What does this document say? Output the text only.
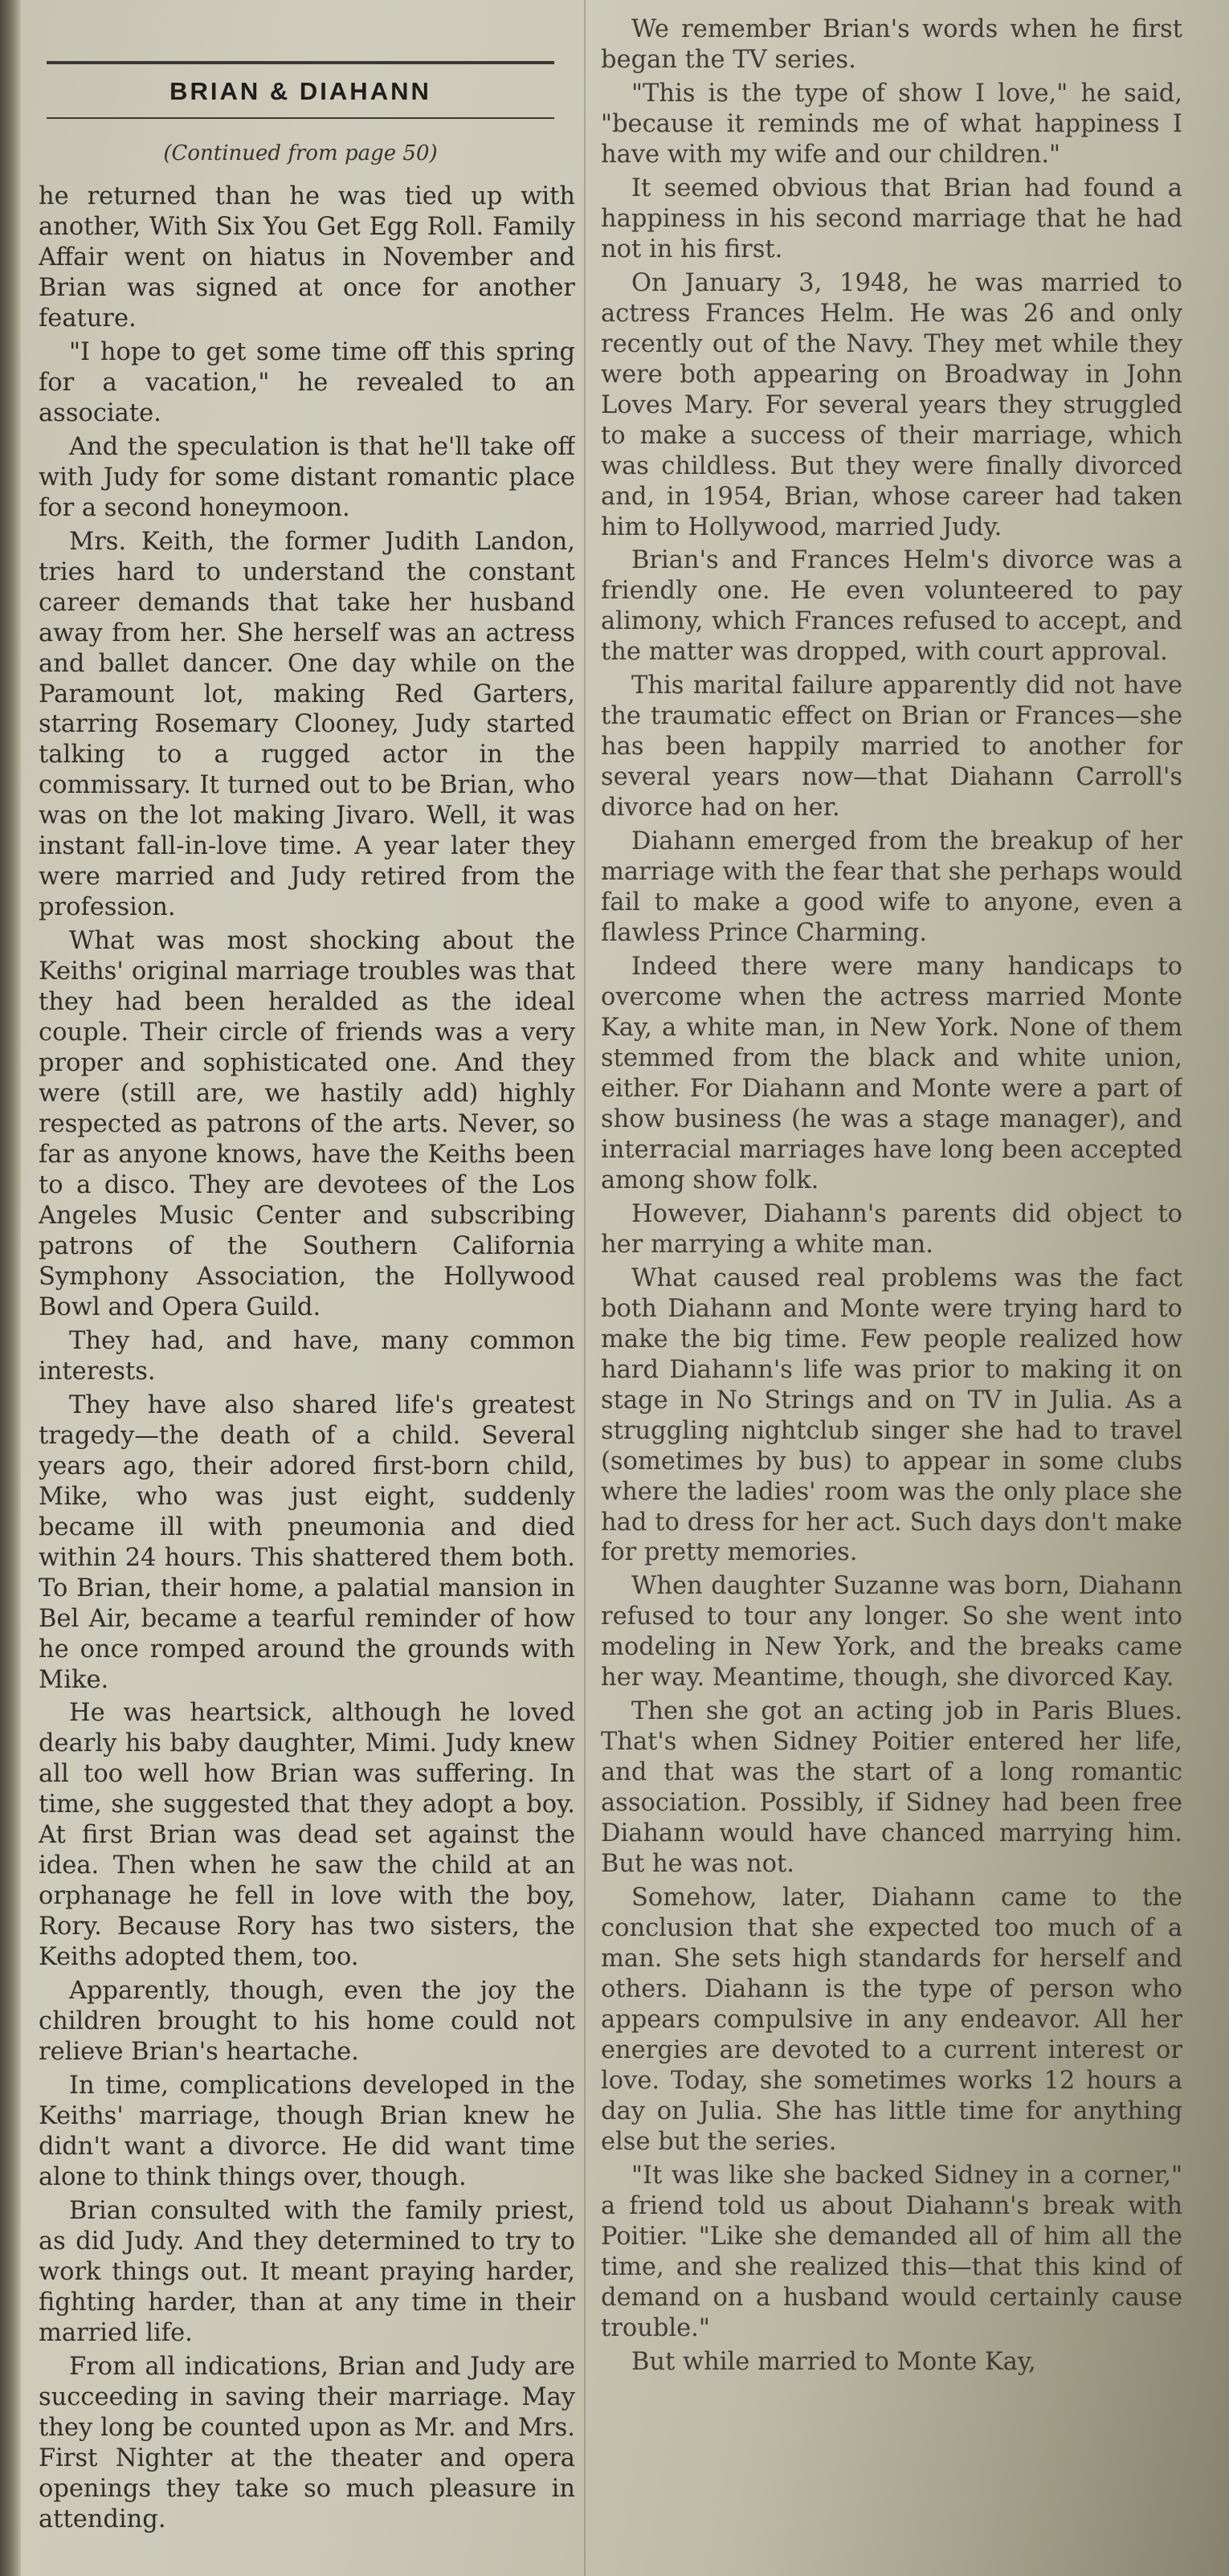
BRIAN & DIAHANN
(Continued from page 50)

he returned than he was tied up with another, With Six You Get Egg Roll. Family Affair went on hiatus in November and Brian was signed at once for another feature.

"I hope to get some time off this spring for a vacation," he revealed to an associate.

And the speculation is that he'll take off with Judy for some distant romantic place for a second honeymoon.

Mrs. Keith, the former Judith Landon, tries hard to understand the constant career demands that take her husband away from her. She herself was an actress and ballet dancer. One day while on the Paramount lot, making Red Garters, starring Rosemary Clooney, Judy started talking to a rugged actor in the commissary. It turned out to be Brian, who was on the lot making Jivaro. Well, it was instant fall-in-love time. A year later they were married and Judy retired from the profession.

What was most shocking about the Keiths' original marriage troubles was that they had been heralded as the ideal couple. Their circle of friends was a very proper and sophisticated one. And they were (still are, we hastily add) highly respected as patrons of the arts. Never, so far as anyone knows, have the Keiths been to a disco. They are devotees of the Los Angeles Music Center and subscribing patrons of the Southern California Symphony Association, the Hollywood Bowl and Opera Guild.

They had, and have, many common interests.

They have also shared life's greatest tragedy—the death of a child. Several years ago, their adored first-born child, Mike, who was just eight, suddenly became ill with pneumonia and died within 24 hours. This shattered them both. To Brian, their home, a palatial mansion in Bel Air, became a tearful reminder of how he once romped around the grounds with Mike.

He was heartsick, although he loved dearly his baby daughter, Mimi. Judy knew all too well how Brian was suffering. In time, she suggested that they adopt a boy. At first Brian was dead set against the idea. Then when he saw the child at an orphanage he fell in love with the boy, Rory. Because Rory has two sisters, the Keiths adopted them, too.

Apparently, though, even the joy the children brought to his home could not relieve Brian's heartache.

In time, complications developed in the Keiths' marriage, though Brian knew he didn't want a divorce. He did want time alone to think things over, though.

Brian consulted with the family priest, as did Judy. And they determined to try to work things out. It meant praying harder, fighting harder, than at any time in their married life.

From all indications, Brian and Judy are succeeding in saving their marriage. May they long be counted upon as Mr. and Mrs. First Nighter at the theater and opera openings they take so much pleasure in attending.

We remember Brian's words when he first began the TV series.

"This is the type of show I love," he said, "because it reminds me of what happiness I have with my wife and our children."

It seemed obvious that Brian had found a happiness in his second marriage that he had not in his first.

On January 3, 1948, he was married to actress Frances Helm. He was 26 and only recently out of the Navy. They met while they were both appearing on Broadway in John Loves Mary. For several years they struggled to make a success of their marriage, which was childless. But they were finally divorced and, in 1954, Brian, whose career had taken him to Hollywood, married Judy.

Brian's and Frances Helm's divorce was a friendly one. He even volunteered to pay alimony, which Frances refused to accept, and the matter was dropped, with court approval.

This marital failure apparently did not have the traumatic effect on Brian or Frances—she has been happily married to another for several years now—that Diahann Carroll's divorce had on her.

Diahann emerged from the breakup of her marriage with the fear that she perhaps would fail to make a good wife to anyone, even a flawless Prince Charming.

Indeed there were many handicaps to overcome when the actress married Monte Kay, a white man, in New York. None of them stemmed from the black and white union, either. For Diahann and Monte were a part of show business (he was a stage manager), and interracial marriages have long been accepted among show folk.

However, Diahann's parents did object to her marrying a white man.

What caused real problems was the fact both Diahann and Monte were trying hard to make the big time. Few people realized how hard Diahann's life was prior to making it on stage in No Strings and on TV in Julia. As a struggling nightclub singer she had to travel (sometimes by bus) to appear in some clubs where the ladies' room was the only place she had to dress for her act. Such days don't make for pretty memories.

When daughter Suzanne was born, Diahann refused to tour any longer. So she went into modeling in New York, and the breaks came her way. Meantime, though, she divorced Kay.

Then she got an acting job in Paris Blues. That's when Sidney Poitier entered her life, and that was the start of a long romantic association. Possibly, if Sidney had been free Diahann would have chanced marrying him. But he was not.

Somehow, later, Diahann came to the conclusion that she expected too much of a man. She sets high standards for herself and others. Diahann is the type of person who appears compulsive in any endeavor. All her energies are devoted to a current interest or love. Today, she sometimes works 12 hours a day on Julia. She has little time for anything else but the series.

"It was like she backed Sidney in a corner," a friend told us about Diahann's break with Poitier. "Like she demanded all of him all the time, and she realized this—that this kind of demand on a husband would certainly cause trouble."

But while married to Monte Kay,
